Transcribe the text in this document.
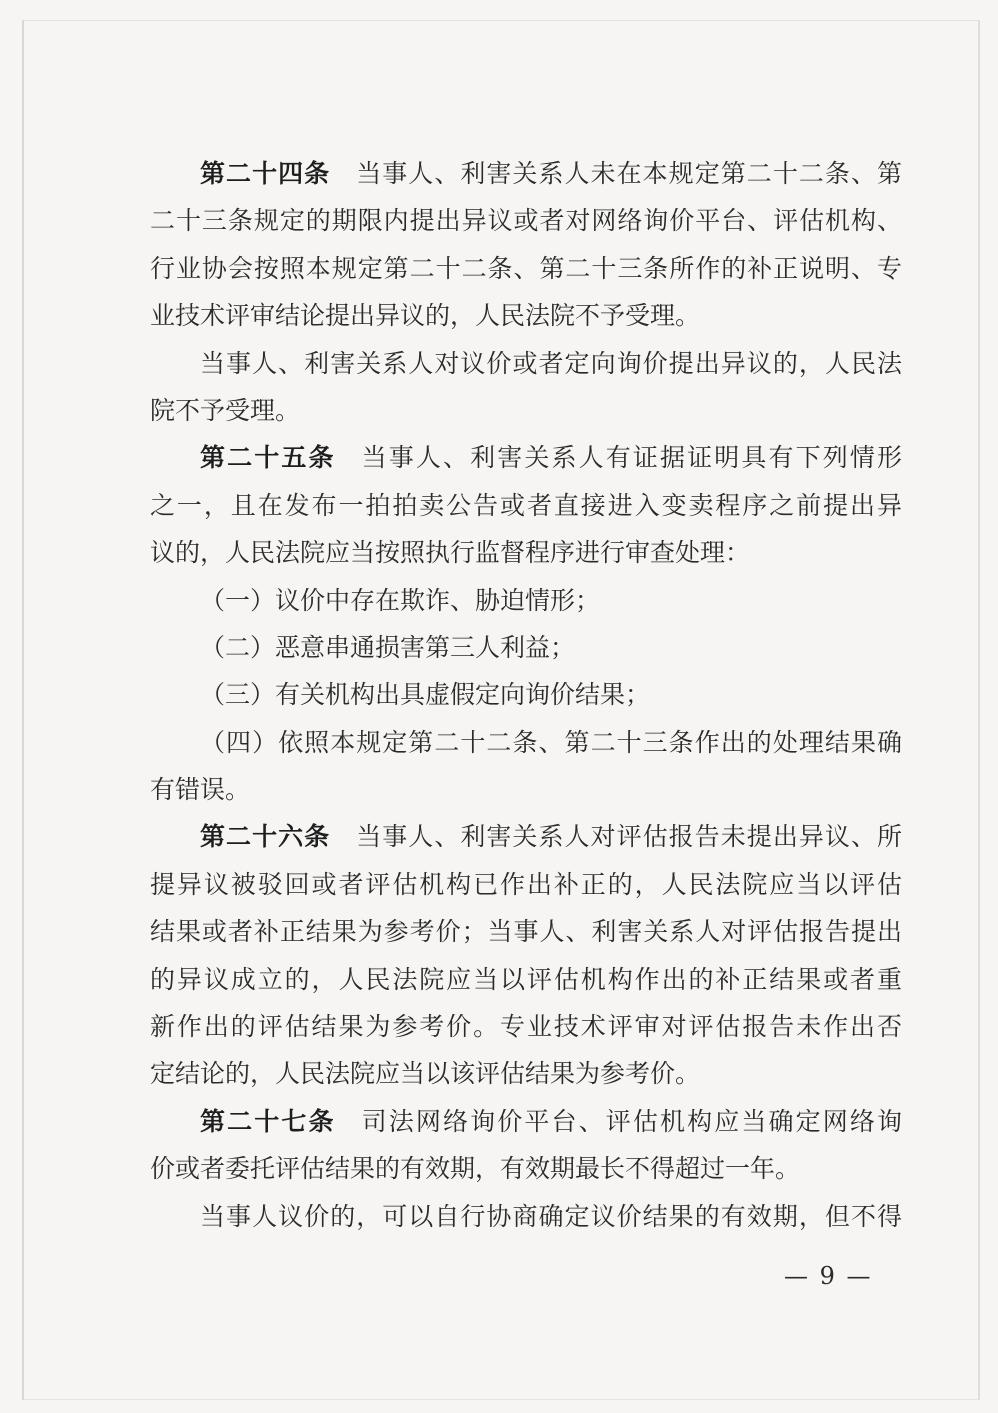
第二十四条 当事人、利害关系人未在本规定第二十二条、第
二十三条规定的期限内提出异议或者对网络询价平台、评估机构、
行业协会按照本规定第二十二条、第二十三条所作的补正说明、专
业技术评审结论提出异议的，人民法院不予受理。
当事人、利害关系人对议价或者定向询价提出异议的，人民法
院不予受理。
第二十五条 当事人、利害关系人有证据证明具有下列情形
之一，且在发布一拍拍卖公告或者直接进入变卖程序之前提出异
议的，人民法院应当按照执行监督程序进行审查处理：
（一）议价中存在欺诈、胁迫情形；
（二）恶意串通损害第三人利益；
（三）有关机构出具虚假定向询价结果；
（四）依照本规定第二十二条、第二十三条作出的处理结果确
有错误。
第二十六条 当事人、利害关系人对评估报告未提出异议、所
提异议被驳回或者评估机构已作出补正的，人民法院应当以评估
结果或者补正结果为参考价；当事人、利害关系人对评估报告提出
的异议成立的，人民法院应当以评估机构作出的补正结果或者重
新作出的评估结果为参考价。专业技术评审对评估报告未作出否
定结论的，人民法院应当以该评估结果为参考价。
第二十七条 司法网络询价平台、评估机构应当确定网络询
价或者委托评估结果的有效期，有效期最长不得超过一年。
当事人议价的，可以自行协商确定议价结果的有效期，但不得
— 9 —
